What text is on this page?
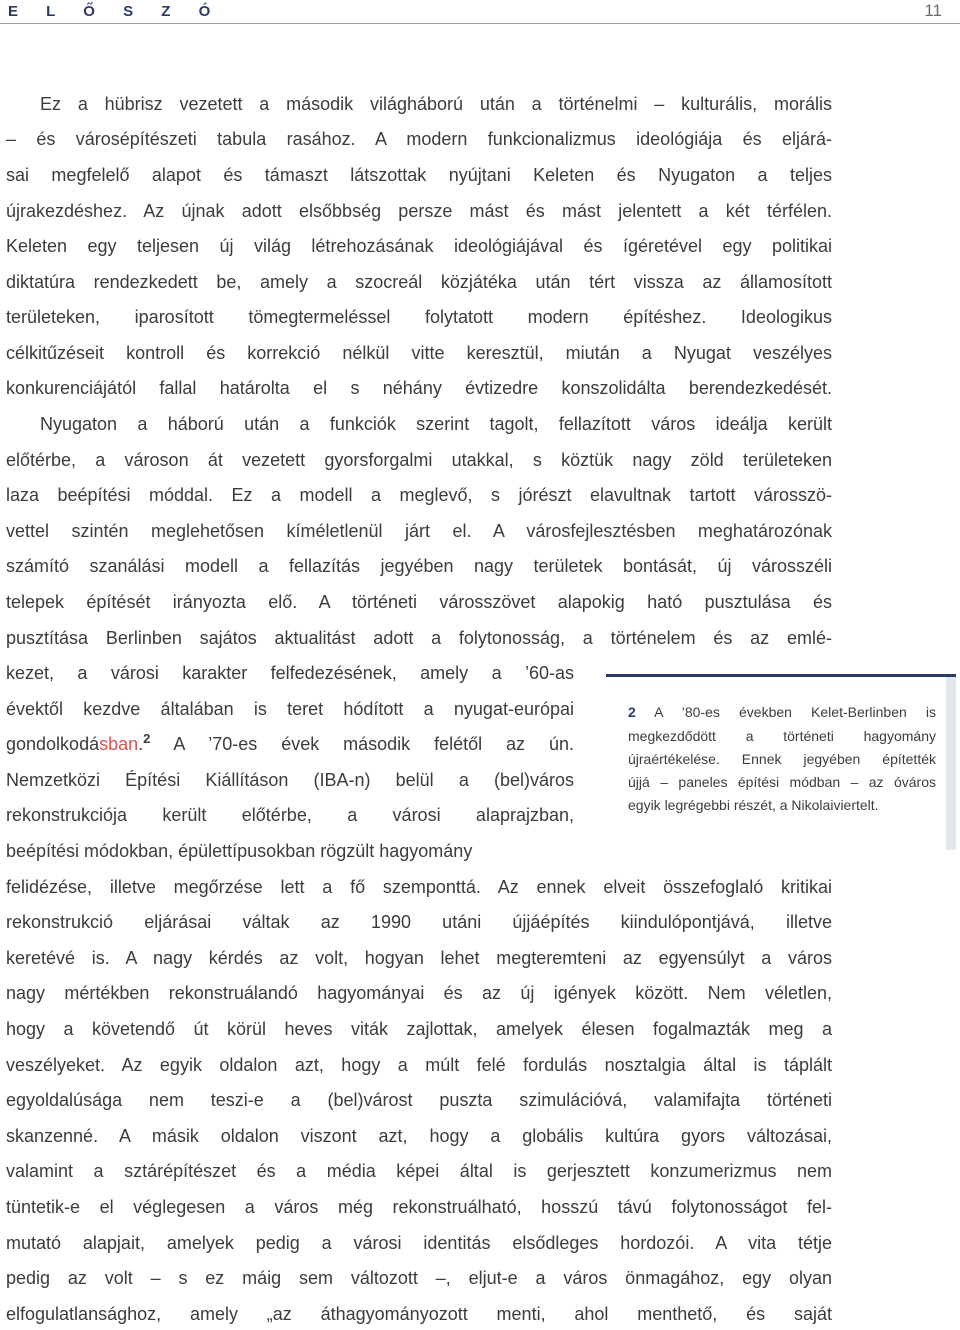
E L Ő S Z Ó	11
Ez a hübrisz vezetett a második világháború után a történelmi – kulturális, morális
– és városépítészeti tabula rasához. A modern funkcionalizmus ideológiája és eljárá-
sai megfelelő alapot és támaszt látszottak nyújtani Keleten és Nyugaton a teljes
újrakezdéshez. Az újnak adott elsőbbség persze mást és mást jelentett a két térfélen.
Keleten egy teljesen új világ létrehozásának ideológiájával és ígéretével egy politikai
diktatúra rendezkedett be, amely a szocreál közjátéka után tért vissza az államosított
területeken, iparosított tömegtermeléssel folytatott modern építéshez. Ideologikus
célkitűzéseit kontroll és korrekció nélkül vitte keresztül, miután a Nyugat veszélyes
konkurenciájától fallal határolta el s néhány évtizedre konszolidálta berendezkedését.
Nyugaton a háború után a funkciók szerint tagolt, fellazított város ideálja került
előtérbe, a városon át vezetett gyorsforgalmi utakkal, s köztük nagy zöld területeken
laza beépítési móddal. Ez a modell a meglevő, s jórészt elavultnak tartott városszö-
vettel szintén meglehetősen kíméletlenül járt el. A városfejlesztésben meghatározónak
számító szanálási modell a fellazítás jegyében nagy területek bontását, új városszéli
telepek építését irányozta elő. A történeti városszövet alapokig ható pusztulása és
pusztítása Berlinben sajátos aktualitást adott a folytonosság, a történelem és az emlé-
kezet, a városi karakter felfedezésének, amely a ’60-as
évektől kezdve általában is teret hódított a nyugat-európai
gondolkodásban.$^2$ A ’70-es évek második felétől az ún.
Nemzetközi Építési Kiállításon (IBA-n) belül a (bel)város
rekonstrukciója került előtérbe, a városi alaprajzban,
beépítési módokban, épülettípusokban rögzült hagyomány
felidézése, illetve megőrzése lett a fő szemponttá. Az ennek elveit összefoglaló kritikai
rekonstrukció eljárásai váltak az 1990 utáni újjáépítés kiindulópontjává, illetve
keretévé is. A nagy kérdés az volt, hogyan lehet megteremteni az egyensúlyt a város
nagy mértékben rekonstruálandó hagyományai és az új igények között. Nem véletlen,
hogy a követendő út körül heves viták zajlottak, amelyek élesen fogalmazták meg a
veszélyeket. Az egyik oldalon azt, hogy a múlt felé fordulás nosztalgia által is táplált
egyoldalúsága nem teszi-e a (bel)várost puszta szimulációvá, valamifajta történeti
skanzenné. A másik oldalon viszont azt, hogy a globális kultúra gyors változásai,
valamint a sztárépítészet és a média képei által is gerjesztett konzumerizmus nem
tüntetik-e el véglegesen a város még rekonstruálható, hosszú távú folytonosságot fel-
mutató alapjait, amelyek pedig a városi identitás elsődleges hordozói. A vita tétje
pedig az volt – s ez máig sem változott –, eljut-e a város önmagához, egy olyan
elfogulatlansághoz, amely „az áthagyományozott menti, ahol menthető, és saját
2 A ’80-es években Kelet-Berlinben is
megkezdődött a történeti hagyomány
újraértékelése. Ennek jegyében építették
újjá – paneles építési módban – az óváros
egyik legrégebbi részét, a Nikolaiviertelt.
